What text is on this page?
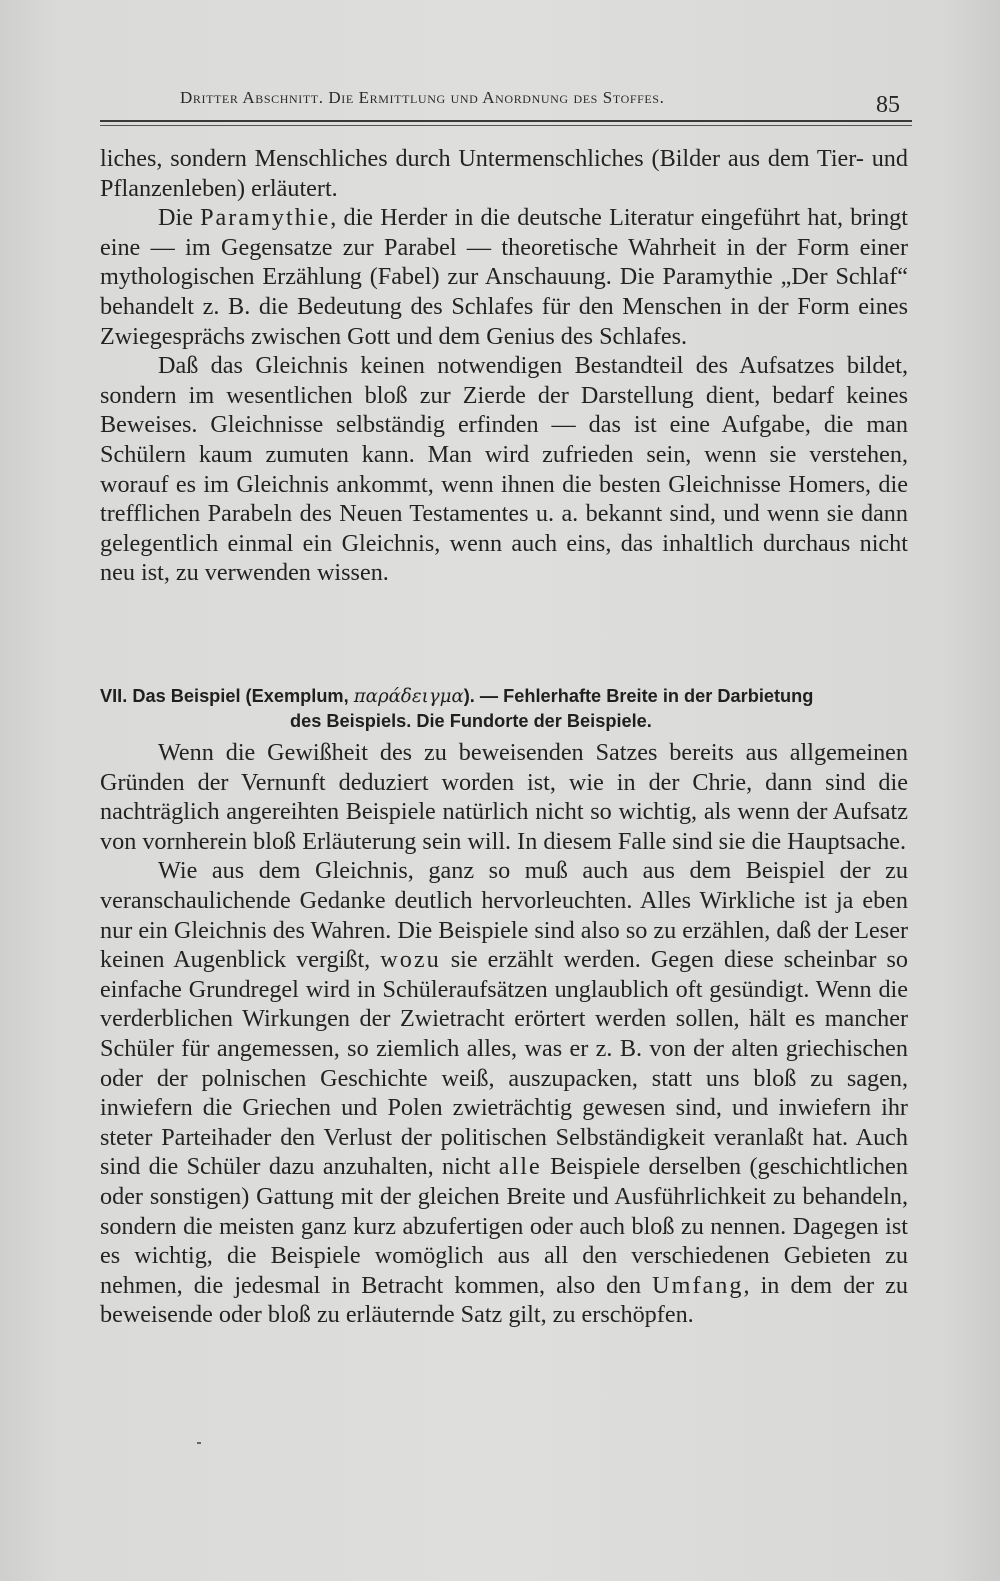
Dritter Abschnitt. Die Ermittlung und Anordnung des Stoffes.	85

liches, sondern Menschliches durch Untermenschliches (Bilder aus dem Tier- und Pflanzenleben) erläutert.

Die Paramythie, die Herder in die deutsche Literatur eingeführt hat, bringt eine — im Gegensatze zur Parabel — theoretische Wahrheit in der Form einer mythologischen Erzählung (Fabel) zur Anschauung. Die Paramythie „Der Schlaf“ behandelt z. B. die Bedeutung des Schlafes für den Menschen in der Form eines Zwiegesprächs zwischen Gott und dem Genius des Schlafes.

Daß das Gleichnis keinen notwendigen Bestandteil des Aufsatzes bildet, sondern im wesentlichen bloß zur Zierde der Darstellung dient, bedarf keines Beweises. Gleichnisse selbständig erfinden — das ist eine Aufgabe, die man Schülern kaum zumuten kann. Man wird zufrieden sein, wenn sie verstehen, worauf es im Gleichnis ankommt, wenn ihnen die besten Gleichnisse Homers, die trefflichen Parabeln des Neuen Testamentes u. a. bekannt sind, und wenn sie dann gelegentlich einmal ein Gleichnis, wenn auch eins, das inhaltlich durchaus nicht neu ist, zu verwenden wissen.

VII. Das Beispiel (Exemplum, παράδειγμα). — Fehlerhafte Breite in der Darbietung
des Beispiels. Die Fundorte der Beispiele.

Wenn die Gewißheit des zu beweisenden Satzes bereits aus allgemeinen Gründen der Vernunft deduziert worden ist, wie in der Chrie, dann sind die nachträglich angereihten Beispiele natürlich nicht so wichtig, als wenn der Aufsatz von vornherein bloß Erläuterung sein will. In diesem Falle sind sie die Hauptsache.

Wie aus dem Gleichnis, ganz so muß auch aus dem Beispiel der zu veranschaulichende Gedanke deutlich hervorleuchten. Alles Wirkliche ist ja eben nur ein Gleichnis des Wahren. Die Beispiele sind also so zu erzählen, daß der Leser keinen Augenblick vergißt, wozu sie erzählt werden. Gegen diese scheinbar so einfache Grundregel wird in Schüleraufsätzen unglaublich oft gesündigt. Wenn die verderblichen Wirkungen der Zwietracht erörtert werden sollen, hält es mancher Schüler für angemessen, so ziemlich alles, was er z. B. von der alten griechischen oder der polnischen Geschichte weiß, auszupacken, statt uns bloß zu sagen, inwiefern die Griechen und Polen zwieträchtig gewesen sind, und inwiefern ihr steter Parteihader den Verlust der politischen Selbständigkeit veranlaßt hat. Auch sind die Schüler dazu anzuhalten, nicht alle Beispiele derselben (geschichtlichen oder sonstigen) Gattung mit der gleichen Breite und Ausführlichkeit zu behandeln, sondern die meisten ganz kurz abzufertigen oder auch bloß zu nennen. Dagegen ist es wichtig, die Beispiele womöglich aus all den verschiedenen Gebieten zu nehmen, die jedesmal in Betracht kommen, also den Umfang, in dem der zu beweisende oder bloß zu erläuternde Satz gilt, zu erschöpfen.
